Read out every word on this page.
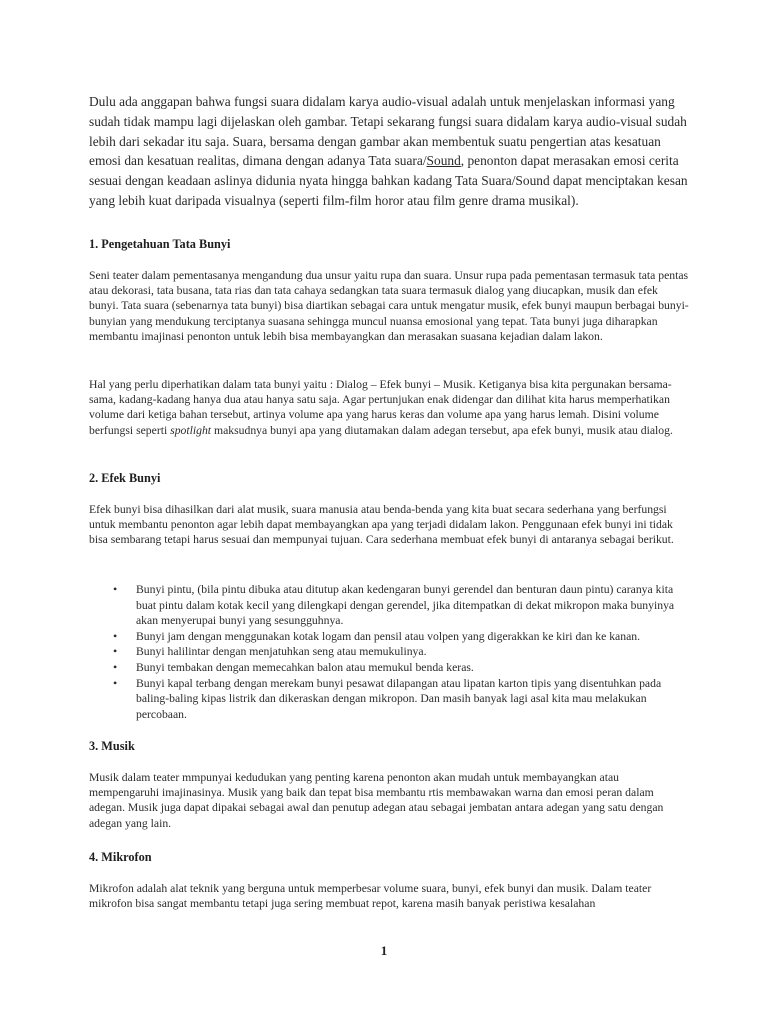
Dulu ada anggapan bahwa fungsi suara didalam karya audio-visual adalah untuk menjelaskan informasi yang sudah tidak mampu lagi dijelaskan oleh gambar. Tetapi sekarang fungsi suara didalam karya audio-visual sudah lebih dari sekadar itu saja. Suara, bersama dengan gambar akan membentuk suatu pengertian atas kesatuan emosi dan kesatuan realitas, dimana dengan adanya Tata suara/Sound, penonton dapat merasakan emosi cerita sesuai dengan keadaan aslinya didunia nyata hingga bahkan kadang Tata Suara/Sound dapat menciptakan kesan yang lebih kuat daripada visualnya (seperti film-film horor atau film genre drama musikal).

1. Pengetahuan Tata Bunyi

Seni teater dalam pementasanya mengandung dua unsur yaitu rupa dan suara. Unsur rupa pada pementasan termasuk tata pentas atau dekorasi, tata busana, tata rias dan tata cahaya sedangkan tata suara termasuk dialog yang diucapkan, musik dan efek bunyi. Tata suara (sebenarnya tata bunyi) bisa diartikan sebagai cara untuk mengatur musik, efek bunyi maupun berbagai bunyi-bunyian yang mendukung terciptanya suasana sehingga muncul nuansa emosional yang tepat. Tata bunyi juga diharapkan membantu imajinasi penonton untuk lebih bisa membayangkan dan merasakan suasana kejadian dalam lakon.

Hal yang perlu diperhatikan dalam tata bunyi yaitu : Dialog – Efek bunyi – Musik. Ketiganya bisa kita pergunakan bersama-sama, kadang-kadang hanya dua atau hanya satu saja. Agar pertunjukan enak didengar dan dilihat kita harus memperhatikan volume dari ketiga bahan tersebut, artinya volume apa yang harus keras dan volume apa yang harus lemah. Disini volume berfungsi seperti spotlight maksudnya bunyi apa yang diutamakan dalam adegan tersebut, apa efek bunyi, musik atau dialog.

2. Efek Bunyi

Efek bunyi bisa dihasilkan dari alat musik, suara manusia atau benda-benda yang kita buat secara sederhana yang berfungsi untuk membantu penonton agar lebih dapat membayangkan apa yang terjadi didalam lakon. Penggunaan efek bunyi ini tidak bisa sembarang tetapi harus sesuai dan mempunyai tujuan. Cara sederhana membuat efek bunyi di antaranya sebagai berikut.

• Bunyi pintu, (bila pintu dibuka atau ditutup akan kedengaran bunyi gerendel dan benturan daun pintu) caranya kita buat pintu dalam kotak kecil yang dilengkapi dengan gerendel, jika ditempatkan di dekat mikropon maka bunyinya akan menyerupai bunyi yang sesungguhnya.
• Bunyi jam dengan menggunakan kotak logam dan pensil atau volpen yang digerakkan ke kiri dan ke kanan.
• Bunyi halilintar dengan menjatuhkan seng atau memukulinya.
• Bunyi tembakan dengan memecahkan balon atau memukul benda keras.
• Bunyi kapal terbang dengan merekam bunyi pesawat dilapangan atau lipatan karton tipis yang disentuhkan pada baling-baling kipas listrik dan dikeraskan dengan mikropon. Dan masih banyak lagi asal kita mau melakukan percobaan.
3. Musik

Musik dalam teater mmpunyai kedudukan yang penting karena penonton akan mudah untuk membayangkan atau mempengaruhi imajinasinya. Musik yang baik dan tepat bisa membantu rtis membawakan warna dan emosi peran dalam adegan. Musik juga dapat dipakai sebagai awal dan penutup adegan atau sebagai jembatan antara adegan yang satu dengan adegan yang lain.

4. Mikrofon

Mikrofon adalah alat teknik yang berguna untuk memperbesar volume suara, bunyi, efek bunyi dan musik. Dalam teater mikrofon bisa sangat membantu tetapi juga sering membuat repot, karena masih banyak peristiwa kesalahan

1
